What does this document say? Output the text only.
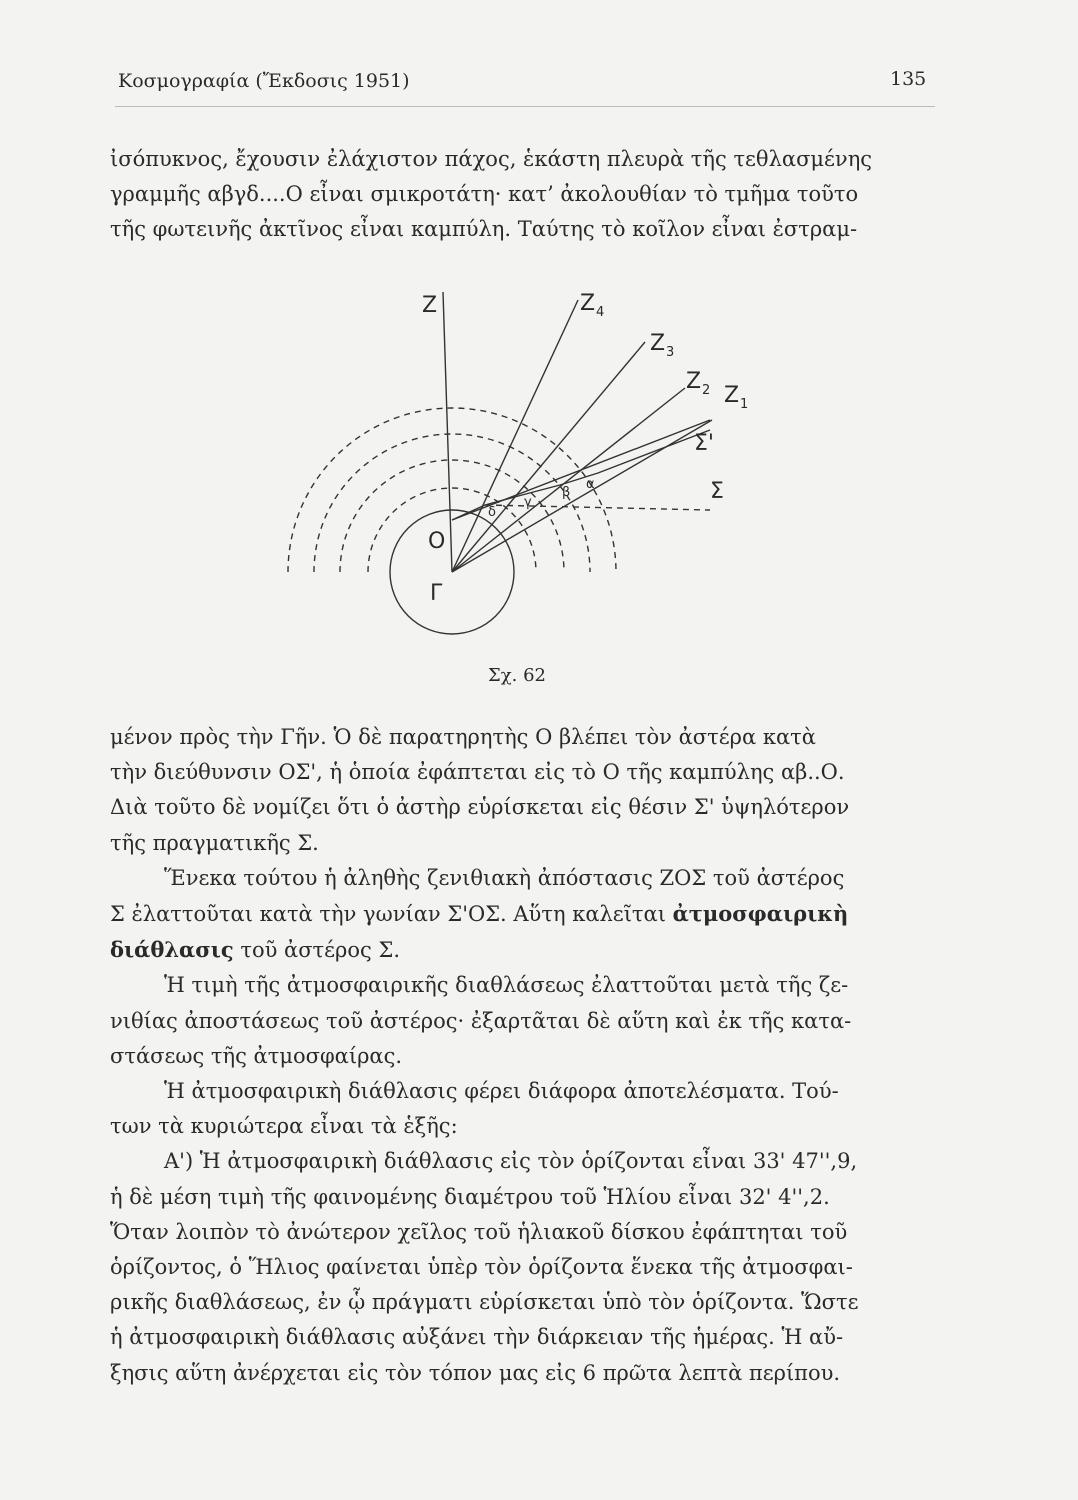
Κοσμογραφία (Ἔκδοσις 1951)	135

ἰσόπυκνος, ἔχουσιν ἐλάχιστον πάχος, ἑκάστη πλευρὰ τῆς τεθλασμένης

γραμμῆς αβγδ....Ο εἶναι σμικροτάτη· κατ’ ἀκολουθίαν τὸ τμῆμα τοῦτο

τῆς φωτεινῆς ἀκτῖνος εἶναι καμπύλη. Ταύτης τὸ κοῖλον εἶναι ἐστραμ-

Z	Z 4
Z 3
Z 2 Z 1
Σ'
Σ
O
Γ
δ
γ
β
α
Σχ. 62

μένον πρὸς τὴν Γῆν. Ὁ δὲ παρατηρητὴς Ο βλέπει τὸν ἀστέρα κατὰ

τὴν διεύθυνσιν ΟΣ', ἡ ὁποία ἐφάπτεται εἰς τὸ Ο τῆς καμπύλης αβ..Ο.

Διὰ τοῦτο δὲ νομίζει ὅτι ὁ ἀστὴρ εὑρίσκεται εἰς θέσιν Σ' ὑψηλότερον

τῆς πραγματικῆς Σ.

Ἕνεκα τούτου ἡ ἀληθὴς ζενιθιακὴ ἀπόστασις ΖΟΣ τοῦ ἀστέρος

Σ ἐλαττοῦται κατὰ τὴν γωνίαν Σ'ΟΣ. Αὕτη καλεῖται ἀτμοσφαιρικὴ

διάθλασις τοῦ ἀστέρος Σ.

Ἡ τιμὴ τῆς ἀτμοσφαιρικῆς διαθλάσεως ἐλαττοῦται μετὰ τῆς ζε-

νιθίας ἀποστάσεως τοῦ ἀστέρος· ἐξαρτᾶται δὲ αὕτη καὶ ἐκ τῆς κατα-

στάσεως τῆς ἀτμοσφαίρας.

Ἡ ἀτμοσφαιρικὴ διάθλασις φέρει διάφορα ἀποτελέσματα. Τού-

των τὰ κυριώτερα εἶναι τὰ ἑξῆς:

Α') Ἡ ἀτμοσφαιρικὴ διάθλασις εἰς τὸν ὁρίζονται εἶναι 33' 47'',9,

ἡ δὲ μέση τιμὴ τῆς φαινομένης διαμέτρου τοῦ Ἡλίου εἶναι 32' 4'',2.

Ὅταν λοιπὸν τὸ ἀνώτερον χεῖλος τοῦ ἡλιακοῦ δίσκου ἐφάπτηται τοῦ

ὁρίζοντος, ὁ Ἥλιος φαίνεται ὑπὲρ τὸν ὁρίζοντα ἕνεκα τῆς ἀτμοσφαι-

ρικῆς διαθλάσεως, ἐν ᾧ πράγματι εὑρίσκεται ὑπὸ τὸν ὁρίζοντα. Ὥστε

ἡ ἀτμοσφαιρικὴ διάθλασις αὐξάνει τὴν διάρκειαν τῆς ἡμέρας. Ἡ αὔ-

ξησις αὕτη ἀνέρχεται εἰς τὸν τόπον μας εἰς 6 πρῶτα λεπτὰ περίπου.
